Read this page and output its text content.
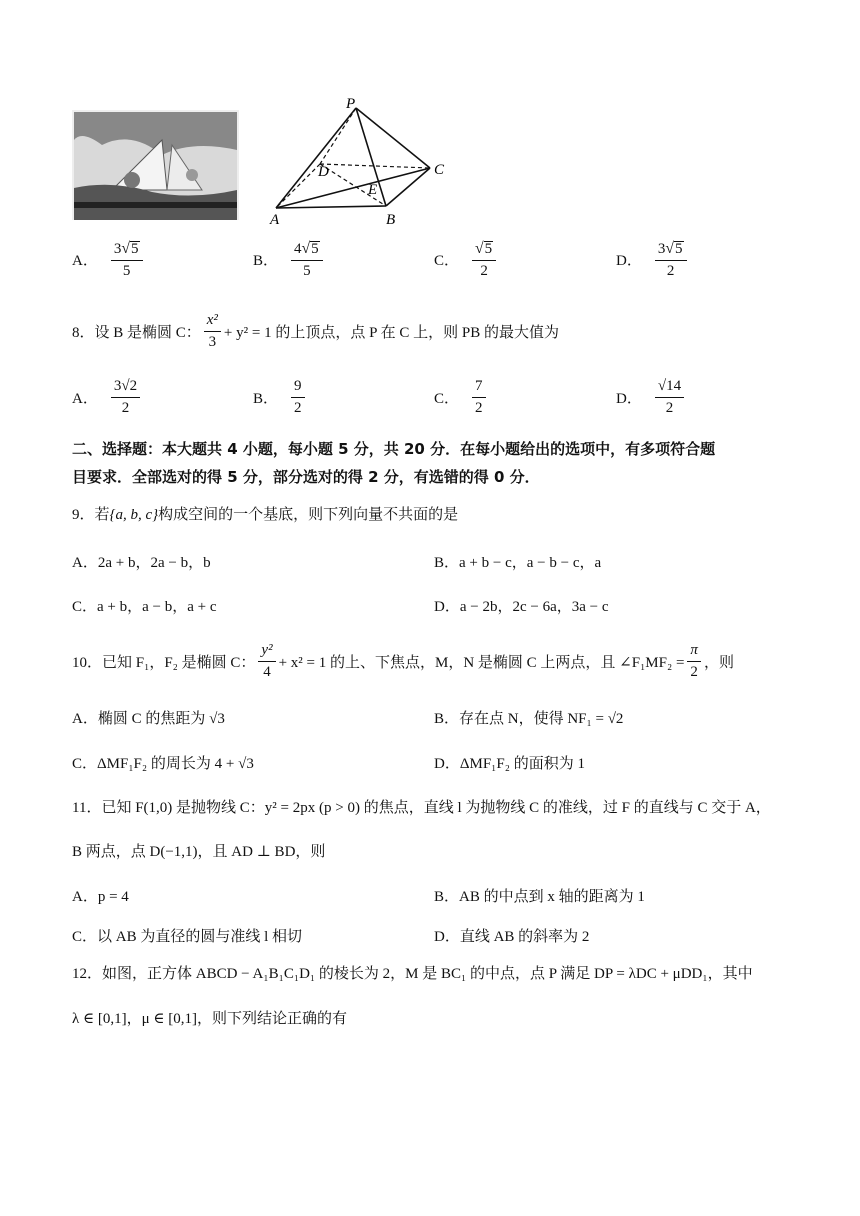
P
D	C
E
A	B
A． $\frac{3 √ 5}{5}$	B． $\frac{4 √ 5}{5}$	C． $\frac{√ 5}{2}$	D． $\frac{3 √ 5}{2}$
8．设 B 是椭圆 C： $\frac{\text{x²}}{3} + y^2 = 1$ 的上顶点，点 P 在 C 上，则 PB 的最大值为
A． $\frac{3√2}{2}$	B． $\frac{9}{2}$	C． $\frac{7}{2}$	D． $\frac{√14}{2}$
二、选择题：本大题共 4 小题，每小题 5 分，共 20 分．在每小题给出的选项中，有多项符合题
目要求．全部选对的得 5 分，部分选对的得 2 分，有选错的得 0 分．
9．若{a, b, c}构成空间的一个基底，则下列向量不共面的是
A．2a + b，2a − b，b	B．a + b − c，a − b − c，a
C．a + b，a − b，a + c	D．a − 2b，2c − 6a，3a − c
10．已知 F₁，F₂ 是椭圆 C： $\frac{\text{y²}}{4} + x^2 = 1$ 的上、下焦点，M，N 是椭圆 C 上两点，且 ∠F₁MF₂ = $\frac{\pi}{2}$ ，则
A．椭圆 C 的焦距为 √3	B．存在点 N，使得 NF₁ = √2
C．ΔMF₁F₂ 的周长为 4 + √3	D．ΔMF₁F₂ 的面积为 1
11．已知 F(1,0) 是抛物线 C：y² = 2px (p > 0) 的焦点，直线 l 为抛物线 C 的准线，过 F 的直线与 C 交于 A，
B 两点，点 D(−1,1)，且 AD ⊥ BD，则
A．p = 4	B．AB 的中点到 x 轴的距离为 1
C．以 AB 为直径的圆与准线 l 相切	D．直线 AB 的斜率为 2
12．如图，正方体 ABCD − A₁B₁C₁D₁ 的棱长为 2，M 是 BC₁ 的中点，点 P 满足 DP = λDC + μDD₁，其中
λ ∈ [0,1]，μ ∈ [0,1]，则下列结论正确的有
